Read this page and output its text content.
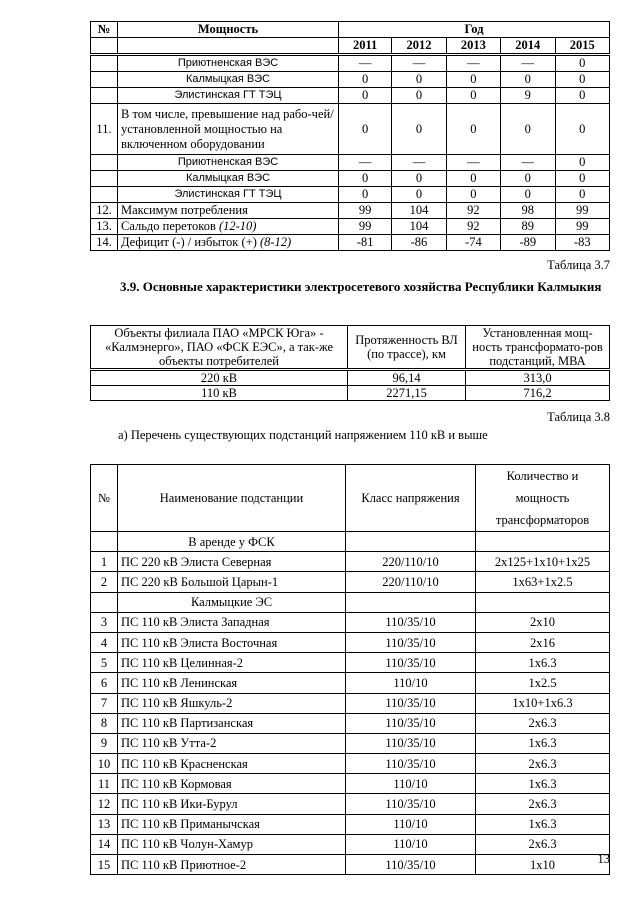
№	Мощность	Год				
		2011	2012	2013	2014	2015
	Приютненская ВЭС	—	—	—	—	0
	Калмыцкая ВЭС	0	0	0	0	0
	Элистинская ГТ ТЭЦ	0	0	0	9	0
11.	В том числе, превышение над рабо-чей/установленной мощностью на включенном оборудовании	0	0	0	0	0
	Приютненская ВЭС	—	—	—	—	0
	Калмыцкая ВЭС	0	0	0	0	0
	Элистинская ГТ ТЭЦ	0	0	0	0	0
12.	Максимум потребления	99	104	92	98	99
13.	Сальдо перетоков (12-10)	99	104	92	89	99
14.	Дефицит (-) / избыток (+) (8-12)	-81	-86	-74	-89	-83
Таблица 3.7
3.9. Основные характеристики электросетевого хозяйства Республики Калмыкия
Объекты филиала ПАО «МРСК Юга» - «Калмэнерго», ПАО «ФСК ЕЭС», а так-же объекты потребителей	Протяженность ВЛ (по трассе), км	Установленная мощ-ность трансформато-ров подстанций, МВА
220 кВ	96,14	313,0
110 кВ	2271,15	716,2
Таблица 3.8
а) Перечень существующих подстанций напряжением 110 кВ и выше
№	Наименование подстанции	Класс напряжения	Количество и мощность трансформаторов
	В аренде у ФСК		
1	ПС 220 кВ Элиста Северная	220/110/10	2х125+1х10+1х25
2	ПС 220 кВ Большой Царын-1	220/110/10	1х63+1х2.5
	Калмыцкие ЭС		
3	ПС 110 кВ Элиста Западная	110/35/10	2х10
4	ПС 110 кВ Элиста Восточная	110/35/10	2х16
5	ПС 110 кВ Целинная-2	110/35/10	1х6.3
6	ПС 110 кВ Ленинская	110/10	1х2.5
7	ПС 110 кВ Яшкуль-2	110/35/10	1х10+1х6.3
8	ПС 110 кВ Партизанская	110/35/10	2х6.3
9	ПС 110 кВ Утта-2	110/35/10	1х6.3
10	ПС 110 кВ Красненская	110/35/10	2х6.3
11	ПС 110 кВ Кормовая	110/10	1х6.3
12	ПС 110 кВ Ики-Бурул	110/35/10	2х6.3
13	ПС 110 кВ Приманычская	110/10	1х6.3
14	ПС 110 кВ Чолун-Хамур	110/10	2х6.3
15	ПС 110 кВ Приютное-2	110/35/10	1х10	13
